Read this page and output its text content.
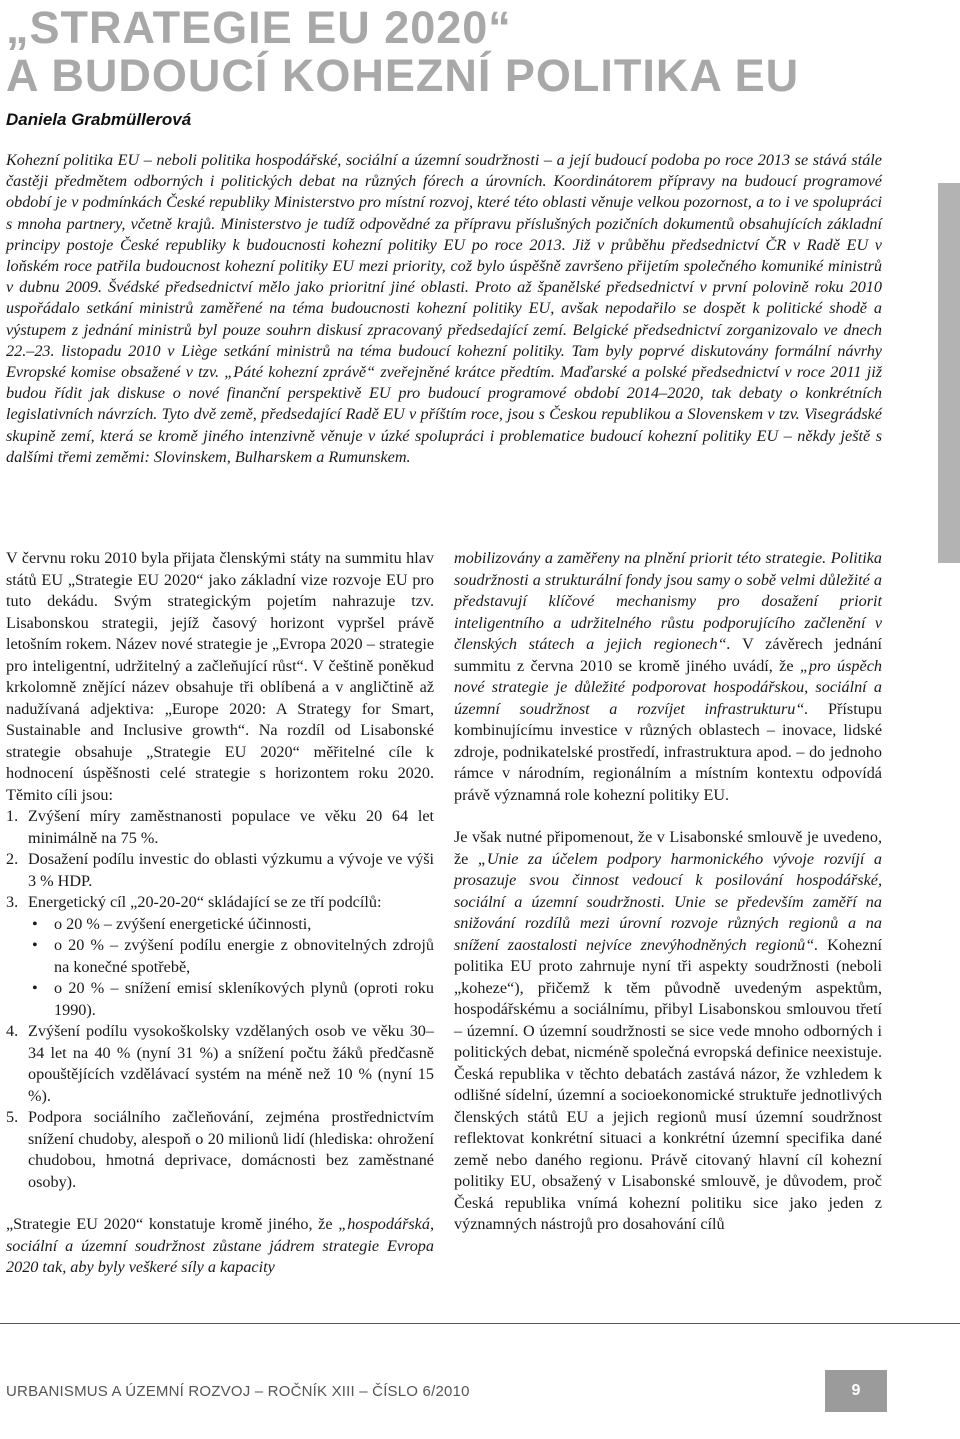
„STRATEGIE EU 2020“
A BUDOUCÍ KOHEZNÍ POLITIKA EU
Daniela Grabmüllerová

Kohezní politika EU – neboli politika hospodářské, sociální a územní soudržnosti – a její budoucí podoba po roce 2013 se stává stále častěji předmětem odborných i politických debat na různých fórech a úrovních. Koordinátorem přípravy na budoucí programové období je v podmínkách České republiky Ministerstvo pro místní rozvoj, které této oblasti věnuje velkou pozornost, a to i ve spolupráci s mnoha partnery, včetně krajů. Ministerstvo je tudíž odpovědné za přípravu příslušných pozičních dokumentů obsahujících základní principy postoje České republiky k budoucnosti kohezní politiky EU po roce 2013. Již v průběhu předsednictví ČR v Radě EU v loňském roce patřila budoucnost kohezní politiky EU mezi priority, což bylo úspěšně završeno přijetím společného komuniké ministrů v dubnu 2009. Švédské předsednictví mělo jako prioritní jiné oblasti. Proto až španělské předsednictví v první polovině roku 2010 uspořádalo setkání ministrů zaměřené na téma budoucnosti kohezní politiky EU, avšak nepodařilo se dospět k politické shodě a výstupem z jednání ministrů byl pouze souhrn diskusí zpracovaný předsedající zemí. Belgické předsednictví zorganizovalo ve dnech 22.–23. listopadu 2010 v Liège setkání ministrů na téma budoucí kohezní politiky. Tam byly poprvé diskutovány formální návrhy Evropské komise obsažené v tzv. „Páté kohezní zprávě“ zveřejněné krátce předtím. Maďarské a polské předsednictví v roce 2011 již budou řídit jak diskuse o nové finanční perspektivě EU pro budoucí programové období 2014–2020, tak debaty o konkrétních legislativních návrzích. Tyto dvě země, předsedající Radě EU v příštím roce, jsou s Českou republikou a Slovenskem v tzv. Visegrádské skupině zemí, která se kromě jiného intenzivně věnuje v úzké spolupráci i problematice budoucí kohezní politiky EU – někdy ještě s dalšími třemi zeměmi: Slovinskem, Bulharskem a Rumunskem.

V červnu roku 2010 byla přijata členskými státy na summitu hlav států EU „Strategie EU 2020“ jako základní vize rozvoje EU pro tuto dekádu. Svým strategickým pojetím nahrazuje tzv. Lisabonskou strategii, jejíž časový horizont vypršel právě letošním rokem. Název nové strategie je „Evropa 2020 – strategie pro inteligentní, udržitelný a začleňující růst“. V češtině poněkud krkolomně znějící název obsahuje tři oblíbená a v angličtině až nadužívaná adjektiva: „Europe 2020: A Strategy for Smart, Sustainable and Inclusive growth“. Na rozdíl od Lisabonské strategie obsahuje „Strategie EU 2020“ měřitelné cíle k hodnocení úspěšnosti celé strategie s horizontem roku 2020. Těmito cíli jsou:

1. Zvýšení míry zaměstnanosti populace ve věku 20 64 let minimálně na 75 %.
2. Dosažení podílu investic do oblasti výzkumu a vývoje ve výši 3 % HDP.
3. Energetický cíl „20-20-20“ skládající se ze tří podcílů:
• o 20 % – zvýšení energetické účinnosti,
• o 20 % – zvýšení podílu energie z obnovitelných zdrojů na konečné spotřebě,
• o 20 % – snížení emisí skleníkových plynů (oproti roku 1990).
4. Zvýšení podílu vysokoškolsky vzdělaných osob ve věku 30–34 let na 40 % (nyní 31 %) a snížení počtu žáků předčasně opouštějících vzdělávací systém na méně než 10 % (nyní 15 %).
5. Podpora sociálního začleňování, zejména prostřednictvím snížení chudoby, alespoň o 20 milionů lidí (hlediska: ohrožení chudobou, hmotná deprivace, domácnosti bez zaměstnané osoby).

„Strategie EU 2020“ konstatuje kromě jiného, že „hospodářská, sociální a územní soudržnost zůstane jádrem strategie Evropa 2020 tak, aby byly veškeré síly a kapacity

mobilizovány a zaměřeny na plnění priorit této strategie. Politika soudržnosti a strukturální fondy jsou samy o sobě velmi důležité a představují klíčové mechanismy pro dosažení priorit inteligentního a udržitelného růstu podporujícího začlenění v členských státech a jejich regionech“. V závěrech jednání summitu z června 2010 se kromě jiného uvádí, že „pro úspěch nové strategie je důležité podporovat hospodářskou, sociální a územní soudržnost a rozvíjet infrastrukturu“. Přístupu kombinujícímu investice v různých oblastech – inovace, lidské zdroje, podnikatelské prostředí, infrastruktura apod. – do jednoho rámce v národním, regionálním a místním kontextu odpovídá právě významná role kohezní politiky EU.

Je však nutné připomenout, že v Lisabonské smlouvě je uvedeno, že „Unie za účelem podpory harmonického vývoje rozvíjí a prosazuje svou činnost vedoucí k posilování hospodářské, sociální a územní soudržnosti. Unie se především zaměří na snižování rozdílů mezi úrovní rozvoje různých regionů a na snížení zaostalosti nejvíce znevýhodněných regionů“. Kohezní politika EU proto zahrnuje nyní tři aspekty soudržnosti (neboli „koheze“), přičemž k těm původně uvedeným aspektům, hospodářskému a sociálnímu, přibyl Lisabonskou smlouvou třetí – územní. O územní soudržnosti se sice vede mnoho odborných i politických debat, nicméně společná evropská definice neexistuje. Česká republika v těchto debatách zastává názor, že vzhledem k odlišné sídelní, územní a socioekonomické struktuře jednotlivých členských států EU a jejich regionů musí územní soudržnost reflektovat konkrétní situaci a konkrétní územní specifika dané země nebo daného regionu. Právě citovaný hlavní cíl kohezní politiky EU, obsažený v Lisabonské smlouvě, je důvodem, proč Česká republika vnímá kohezní politiku sice jako jeden z významných nástrojů pro dosahování cílů

URBANISMUS A ÚZEMNÍ ROZVOJ – ROČNÍK XIII – ČÍSLO 6/2010	9
